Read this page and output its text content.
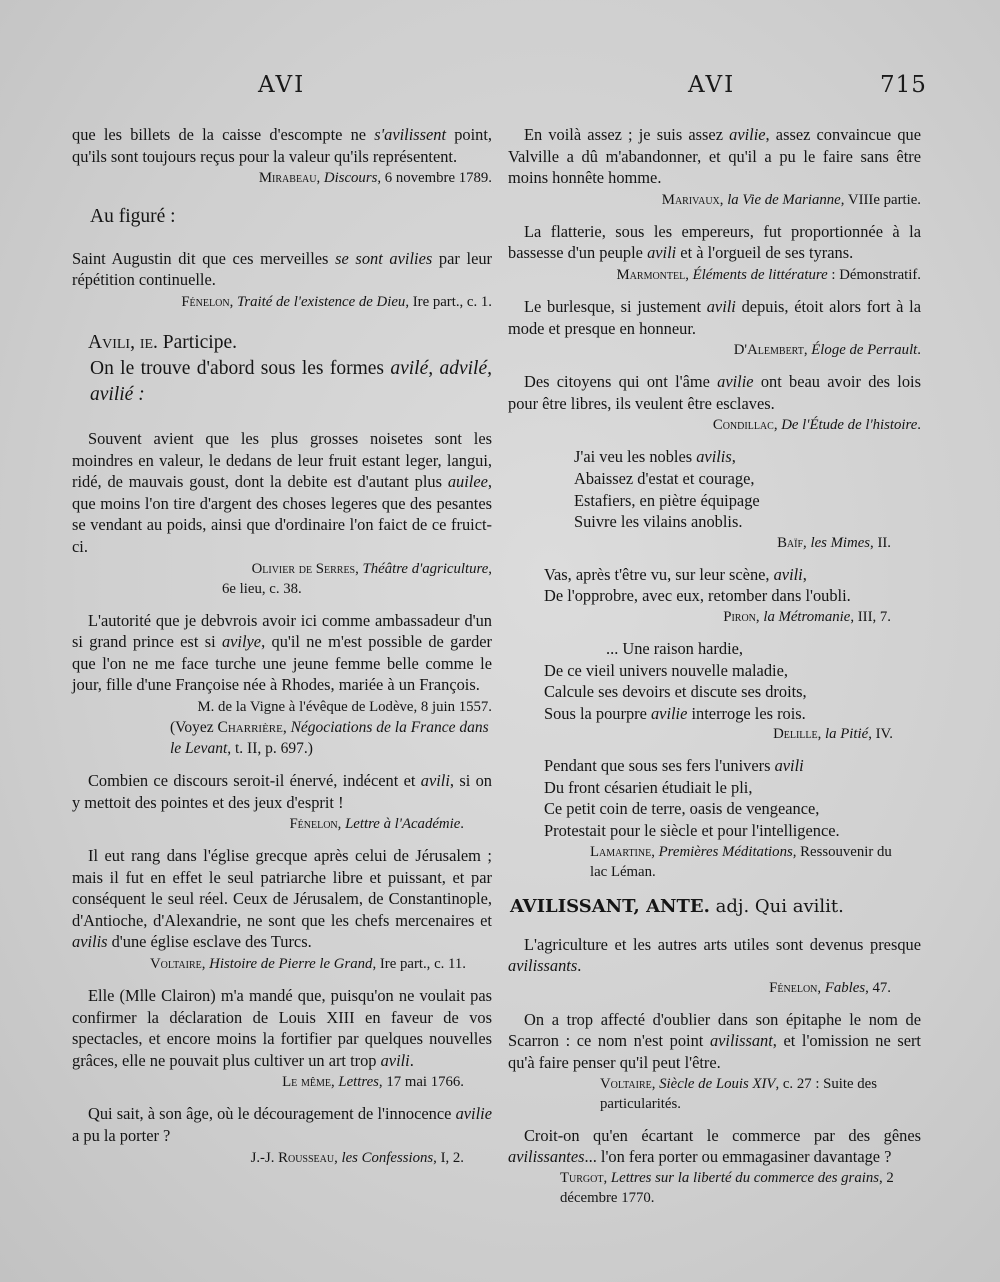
AVI	AVI	715

que les billets de la caisse d'escompte ne s'avilissent point, qu'ils sont toujours reçus pour la valeur qu'ils représentent.

Mirabeau, Discours, 6 novembre 1789.

Au figuré :

Saint Augustin dit que ces merveilles se sont avilies par leur répétition continuelle.

Fénelon, Traité de l'existence de Dieu, Ire part., c. 1.

Avili, ie. Participe.
On le trouve d'abord sous les formes avilé, advilé, avilié :

Souvent avient que les plus grosses noisetes sont les moindres en valeur, le dedans de leur fruit estant leger, langui, ridé, de mauvais goust, dont la debite est d'autant plus auilee, que moins l'on tire d'argent des choses legeres que des pesantes se vendant au poids, ainsi que d'ordinaire l'on faict de ce fruict-ci.

Olivier de Serres, Théâtre d'agriculture,

6e lieu, c. 38.

L'autorité que je debvrois avoir ici comme ambassadeur d'un si grand prince est si avilye, qu'il ne m'est possible de garder que l'on ne me face turche une jeune femme belle comme le jour, fille d'une Françoise née à Rhodes, mariée à un François.

M. de la Vigne à l'évêque de Lodève, 8 juin 1557.

(Voyez Charrière, Négociations de la France dans le Levant, t. II, p. 697.)

Combien ce discours seroit-il énervé, indécent et avili, si on y mettoit des pointes et des jeux d'esprit !

Fénelon, Lettre à l'Académie.

Il eut rang dans l'église grecque après celui de Jérusalem ; mais il fut en effet le seul patriarche libre et puissant, et par conséquent le seul réel. Ceux de Jérusalem, de Constantinople, d'Antioche, d'Alexandrie, ne sont que les chefs mercenaires et avilis d'une église esclave des Turcs.

Voltaire, Histoire de Pierre le Grand, Ire part., c. 11.

Elle (Mlle Clairon) m'a mandé que, puisqu'on ne voulait pas confirmer la déclaration de Louis XIII en faveur de vos spectacles, et encore moins la fortifier par quelques nouvelles grâces, elle ne pouvait plus cultiver un art trop avili.

Le même, Lettres, 17 mai 1766.

Qui sait, à son âge, où le découragement de l'innocence avilie a pu la porter ?

J.-J. Rousseau, les Confessions, I, 2.

En voilà assez ; je suis assez avilie, assez convaincue que Valville a dû m'abandonner, et qu'il a pu le faire sans être moins honnête homme.

Marivaux, la Vie de Marianne, VIIIe partie.

La flatterie, sous les empereurs, fut proportionnée à la bassesse d'un peuple avili et à l'orgueil de ses tyrans.

Marmontel, Éléments de littérature : Démonstratif.

Le burlesque, si justement avili depuis, étoit alors fort à la mode et presque en honneur.

D'Alembert, Éloge de Perrault.

Des citoyens qui ont l'âme avilie ont beau avoir des lois pour être libres, ils veulent être esclaves.

Condillac, De l'Étude de l'histoire.

J'ai veu les nobles avilis,

Abaissez d'estat et courage,

Estafiers, en piètre équipage

Suivre les vilains anoblis.

Baïf, les Mimes, II.

Vas, après t'être vu, sur leur scène, avili,

De l'opprobre, avec eux, retomber dans l'oubli.

Piron, la Métromanie, III, 7.

... Une raison hardie,

De ce vieil univers nouvelle maladie,

Calcule ses devoirs et discute ses droits,

Sous la pourpre avilie interroge les rois.

Delille, la Pitié, IV.

Pendant que sous ses fers l'univers avili

Du front césarien étudiait le pli,

Ce petit coin de terre, oasis de vengeance,

Protestait pour le siècle et pour l'intelligence.

Lamartine, Premières Méditations, Ressouvenir du lac Léman.

AVILISSANT, ANTE. adj. Qui avilit.

L'agriculture et les autres arts utiles sont devenus presque avilissants.

Fénelon, Fables, 47.

On a trop affecté d'oublier dans son épitaphe le nom de Scarron : ce nom n'est point avilissant, et l'omission ne sert qu'à faire penser qu'il peut l'être.

Voltaire, Siècle de Louis XIV, c. 27 : Suite des particularités.

Croit-on qu'en écartant le commerce par des gênes avilissantes... l'on fera porter ou emmagasiner davantage ?

Turgot, Lettres sur la liberté du commerce des grains, 2 décembre 1770.
